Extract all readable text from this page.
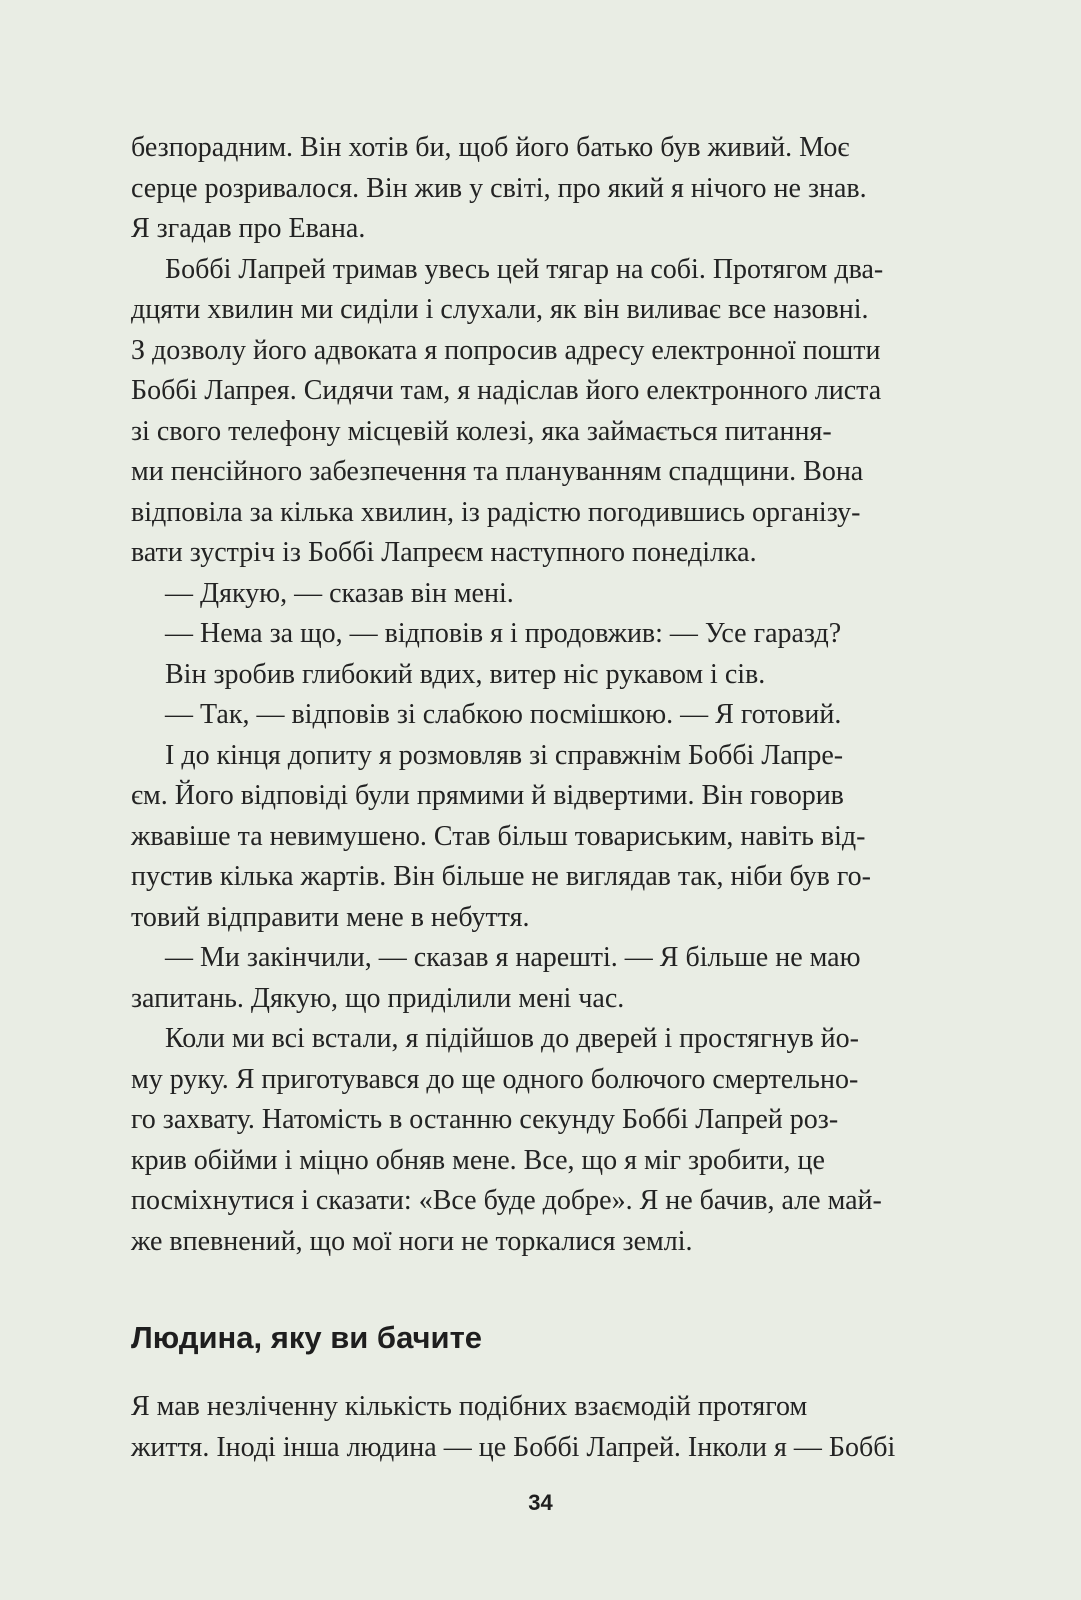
безпорадним. Він хотів би, щоб його батько був живий. Моє
серце розривалося. Він жив у світі, про який я нічого не знав.
Я згадав про Евана.
Боббі Лапрей тримав увесь цей тягар на собі. Протягом два-
дцяти хвилин ми сиділи і слухали, як він виливає все назовні.
З дозволу його адвоката я попросив адресу електронної пошти
Боббі Лапрея. Сидячи там, я надіслав його електронного листа
зі свого телефону місцевій колезі, яка займається питання-
ми пенсійного забезпечення та плануванням спадщини. Вона
відповіла за кілька хвилин, із радістю погодившись організу-
вати зустріч із Боббі Лапреєм наступного понеділка.
— Дякую, — сказав він мені.
— Нема за що, — відповів я і продовжив: — Усе гаразд?
Він зробив глибокий вдих, витер ніс рукавом і сів.
— Так, — відповів зі слабкою посмішкою. — Я готовий.
І до кінця допиту я розмовляв зі справжнім Боббі Лапре-
єм. Його відповіді були прямими й відвертими. Він говорив
жвавіше та невимушено. Став більш товариським, навіть від-
пустив кілька жартів. Він більше не виглядав так, ніби був го-
товий відправити мене в небуття.
— Ми закінчили, — сказав я нарешті. — Я більше не маю
запитань. Дякую, що приділили мені час.
Коли ми всі встали, я підійшов до дверей і простягнув йо-
му руку. Я приготувався до ще одного болючого смертельно-
го захвату. Натомість в останню секунду Боббі Лапрей роз-
крив обійми і міцно обняв мене. Все, що я міг зробити, це
посміхнутися і сказати: «Все буде добре». Я не бачив, але май-
же впевнений, що мої ноги не торкалися землі.
Людина, яку ви бачите
Я мав незліченну кількість подібних взаємодій протягом
життя. Іноді інша людина — це Боббі Лапрей. Інколи я — Боббі
34
